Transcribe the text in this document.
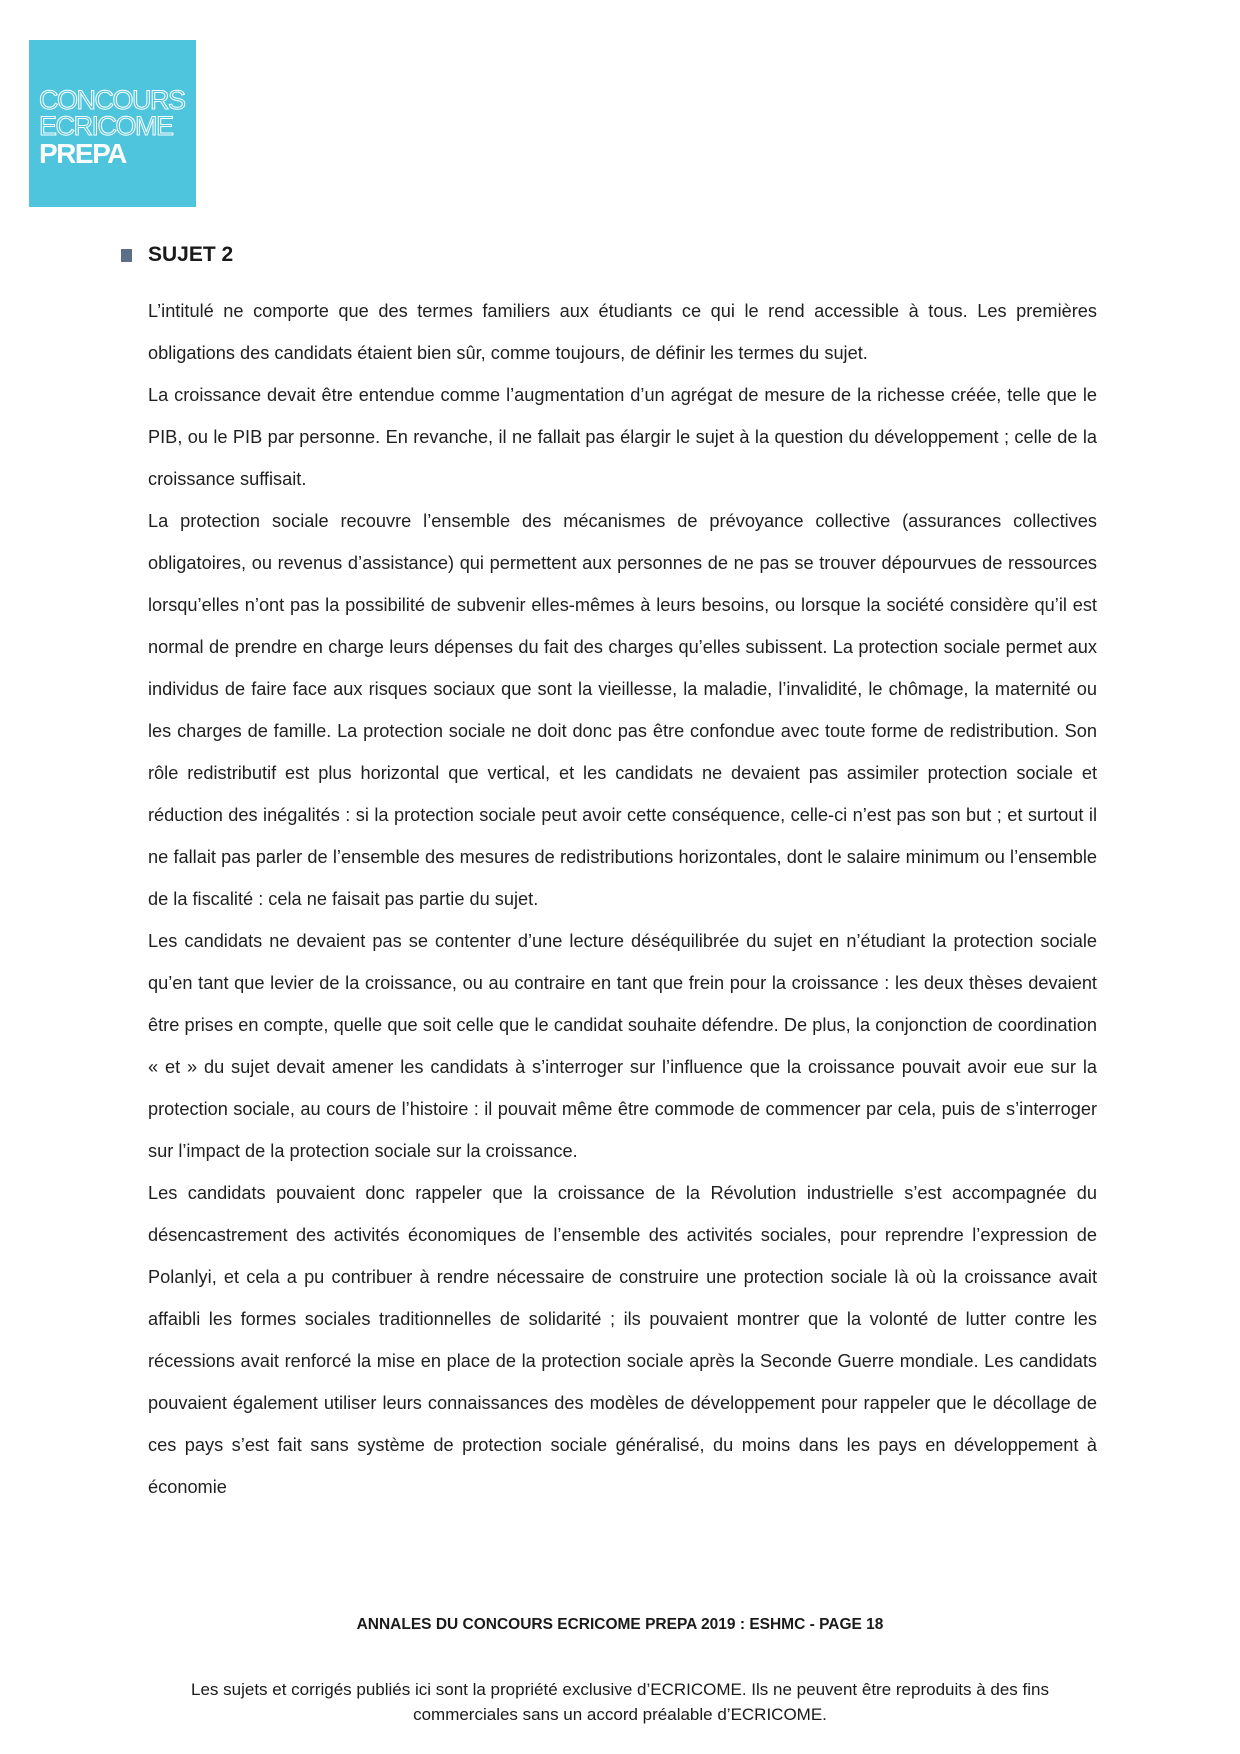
CONCOURS
ECRICOME
PREPA
SUJET 2

L’intitulé ne comporte que des termes familiers aux étudiants ce qui le rend accessible à tous. Les premières obligations des candidats étaient bien sûr, comme toujours, de définir les termes du sujet.

La croissance devait être entendue comme l’augmentation d’un agrégat de mesure de la richesse créée, telle que le PIB, ou le PIB par personne. En revanche, il ne fallait pas élargir le sujet à la question du développement ; celle de la croissance suffisait.

La protection sociale recouvre l’ensemble des mécanismes de prévoyance collective (assurances collectives obligatoires, ou revenus d’assistance) qui permettent aux personnes de ne pas se trouver dépourvues de ressources lorsqu’elles n’ont pas la possibilité de subvenir elles-mêmes à leurs besoins, ou lorsque la société considère qu’il est normal de prendre en charge leurs dépenses du fait des charges qu’elles subissent. La protection sociale permet aux individus de faire face aux risques sociaux que sont la vieillesse, la maladie, l’invalidité, le chômage, la maternité ou les charges de famille. La protection sociale ne doit donc pas être confondue avec toute forme de redistribution. Son rôle redistributif est plus horizontal que vertical, et les candidats ne devaient pas assimiler protection sociale et réduction des inégalités : si la protection sociale peut avoir cette conséquence, celle-ci n’est pas son but ; et surtout il ne fallait pas parler de l’ensemble des mesures de redistributions horizontales, dont le salaire minimum ou l’ensemble de la fiscalité : cela ne faisait pas partie du sujet.

Les candidats ne devaient pas se contenter d’une lecture déséquilibrée du sujet en n’étudiant la protection sociale qu’en tant que levier de la croissance, ou au contraire en tant que frein pour la croissance : les deux thèses devaient être prises en compte, quelle que soit celle que le candidat souhaite défendre. De plus, la conjonction de coordination « et » du sujet devait amener les candidats à s’interroger sur l’influence que la croissance pouvait avoir eue sur la protection sociale, au cours de l’histoire : il pouvait même être commode de commencer par cela, puis de s’interroger sur l’impact de la protection sociale sur la croissance.

Les candidats pouvaient donc rappeler que la croissance de la Révolution industrielle s’est accompagnée du désencastrement des activités économiques de l’ensemble des activités sociales, pour reprendre l’expression de Polanlyi, et cela a pu contribuer à rendre nécessaire de construire une protection sociale là où la croissance avait affaibli les formes sociales traditionnelles de solidarité ; ils pouvaient montrer que la volonté de lutter contre les récessions avait renforcé la mise en place de la protection sociale après la Seconde Guerre mondiale. Les candidats pouvaient également utiliser leurs connaissances des modèles de développement pour rappeler que le décollage de ces pays s’est fait sans système de protection sociale généralisé, du moins dans les pays en développement à économie

ANNALES DU CONCOURS ECRICOME PREPA 2019 : ESHMC - PAGE 18
Les sujets et corrigés publiés ici sont la propriété exclusive d’ECRICOME. Ils ne peuvent être reproduits à des fins commerciales sans un accord préalable d’ECRICOME.
